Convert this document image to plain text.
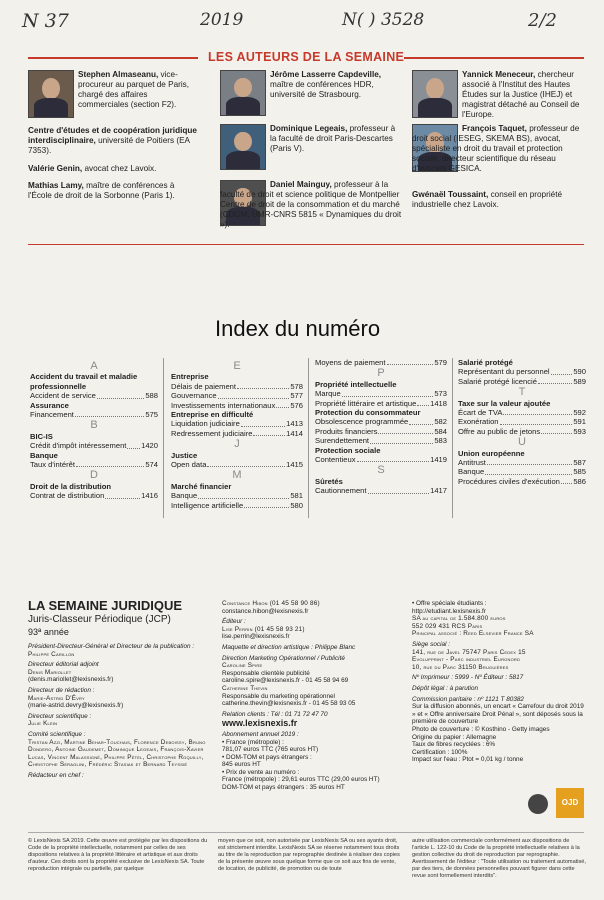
N 37	2019	N( ) 3528	2/2
LES AUTEURS DE LA SEMAINE
Stephen Almaseanu, vice-procureur au parquet de Paris, chargé des affaires commerciales (section F2).
Centre d'études et de coopération juridique interdisciplinaire, université de Poitiers (EA 7353).
Valérie Genin, avocat chez Lavoix.
Mathias Lamy, maître de conférences à l'École de droit de la Sorbonne (Paris 1).
Jérôme Lasserre Capdeville, maître de conférences HDR, université de Strasbourg.
Dominique Legeais, professeur à la faculté de droit Paris-Descartes (Paris V).
Daniel Mainguy, professeur à la faculté de droit et science politique de Montpellier Centre de droit de la consommation et du marché (CDCM, UMR-CNRS 5815 « Dynamiques du droit »).
Yannick Meneceur, chercheur associé à l'Institut des Hautes Études sur la Justice (IHEJ) et magistrat détaché au Conseil de l'Europe.
François Taquet, professeur de droit social (IESEG, SKEMA BS), avocat, spécialiste en droit du travail et protection sociale, directeur scientifique du réseau d'avocats GESICA.
Gwénaël Toussaint, conseil en propriété industrielle chez Lavoix.
Index du numéro
A
Accident du travail et maladie professionnelle
Accident de service	588
Assurance
Financement	575
B
BIC-IS
Crédit d'impôt intéressement 1420
Banque
Taux d'intérêt	574
D
Droit de la distribution
Contrat de distribution	1416
E
Entreprise
Délais de paiement	578
Gouvernance	577
Investissements internationaux 576
Entreprise en difficulté
Liquidation judiciaire	1413
Redressement judiciaire	1414
J
Justice
Open data	1415
M
Marché financier
Banque	581
Intelligence artificielle	580
Moyens de paiement	579
P
Propriété intellectuelle
Marque	573
Propriété littéraire et artistique 1418
Protection du consommateur
Obsolescence programmée	582
Produits financiers	584
Surendettement	583
Protection sociale
Contentieux	1419
S
Sûretés
Cautionnement	1417
Salarié protégé
Représentant du personnel	590
Salarié protégé licencié	589
T
Taxe sur la valeur ajoutée
Écart de TVA	592
Exonération	591
Offre au public de jetons	593
U
Union européenne
Antitrust	587
Banque	585
Procédures civiles d'exécution 586
LA SEMAINE JURIDIQUE
Juris-Classeur Périodique (JCP)
93ª année
Président-Directeur-Général et Directeur de la publication :
Philippe Carillon
Directeur éditorial adjoint
Denis Mariollet
(denis.mariollet@lexisnexis.fr)
Directeur de rédaction :
Marie-Astrid D'Évry
(marie-astrid.devry@lexisnexis.fr)
Directeur scientifique :
Julie Klein
Comité scientifique :
Tristan Azzi, Martine Behar-Touchais, Florence Deboissy, Bruno Dondero, Antoine Gaudemet, Dominique Legeais, François-Xavier Lucas, Vincent Malassigné, Philippe Pétel, Christophe Roquilly, Christophe Seraglini, Frédéric Stasiak et Bernard Teyssié
Rédacteur en chef :
Constance Hibon (01 45 58 90 86)
constance.hibon@lexisnexis.fr
Éditeur :
Lise Perrin (01 45 58 93 21)
lise.perrin@lexisnexis.fr
Maquette et direction artistique : Philippe Blanc
Direction Marketing Opérationnel / Publicité
Caroline Spire
Responsable clientèle publicité
caroline.spire@lexisnexis.fr - 01 45 58 94 69
Catherine Thevin
Responsable du marketing opérationnel
catherine.thevin@lexisnexis.fr - 01 45 58 93 05
Relation clients : Tél : 01 71 72 47 70
www.lexisnexis.fr
Abonnement annuel 2019 :
• France (métropole) :
781,07 euros TTC (765 euros HT)
• DOM-TOM et pays étrangers :
845 euros HT
• Prix de vente au numéro :
France (métropole) : 29,61 euros TTC (29,00 euros HT)
DOM-TOM et pays étrangers : 35 euros HT
• Offre spéciale étudiants :
http://etudiant.lexisnexis.fr
SA au capital de 1.584.800 euros
552 029 431 RCS Paris
Principal associé : Reed Elsevier France SA
Siège social :
141, rue de Javel 75747 Paris Cedex 15
Evolupprint - Parc industriel Euronord
10, rue du Parc 31150 Bruguières
Nº Imprimeur : 5999 - Nº Éditeur : 5817
Dépôt légal : à parution
Commission paritaire : nº 1121 T 80382
Sur la diffusion abonnés, un encart « Carrefour du droit 2019 » et « Offre anniversaire Droit Pénal », sont déposés sous la première de couverture
Photo de couverture : © Kosthino - Getty images
Origine du papier : Allemagne
Taux de fibres recyclées : 6%
Certification : 100%
Impact sur l'eau : Ptot = 0,01 kg / tonne
OJD
© LexisNexis SA 2019. Cette œuvre est protégée par les dispositions du Code de la propriété intellectuelle, notamment par celles de ses dispositions relatives à la propriété littéraire et artistique et aux droits d'auteur. Ces droits sont la propriété exclusive de LexisNexis SA. Toute reproduction intégrale ou partielle, par quelque
moyen que ce soit, non autorisée par LexisNexis SA ou ses ayants droit, est strictement interdite. LexisNexis SA se réserve notamment tous droits au titre de la reproduction par reprographie destinée à réaliser des copies de la présente œuvre sous quelque forme que ce soit aux fins de vente, de location, de publicité, de promotion ou de toute
autre utilisation commerciale conformément aux dispositions de l'article L. 122-10 du Code de la propriété intellectuelle relatives à la gestion collective du droit de reproduction par reprographie. Avertissement de l'éditeur : "Toute utilisation ou traitement automatisé, par des tiers, de données personnelles pouvant figurer dans cette revue sont formellement interdits".
